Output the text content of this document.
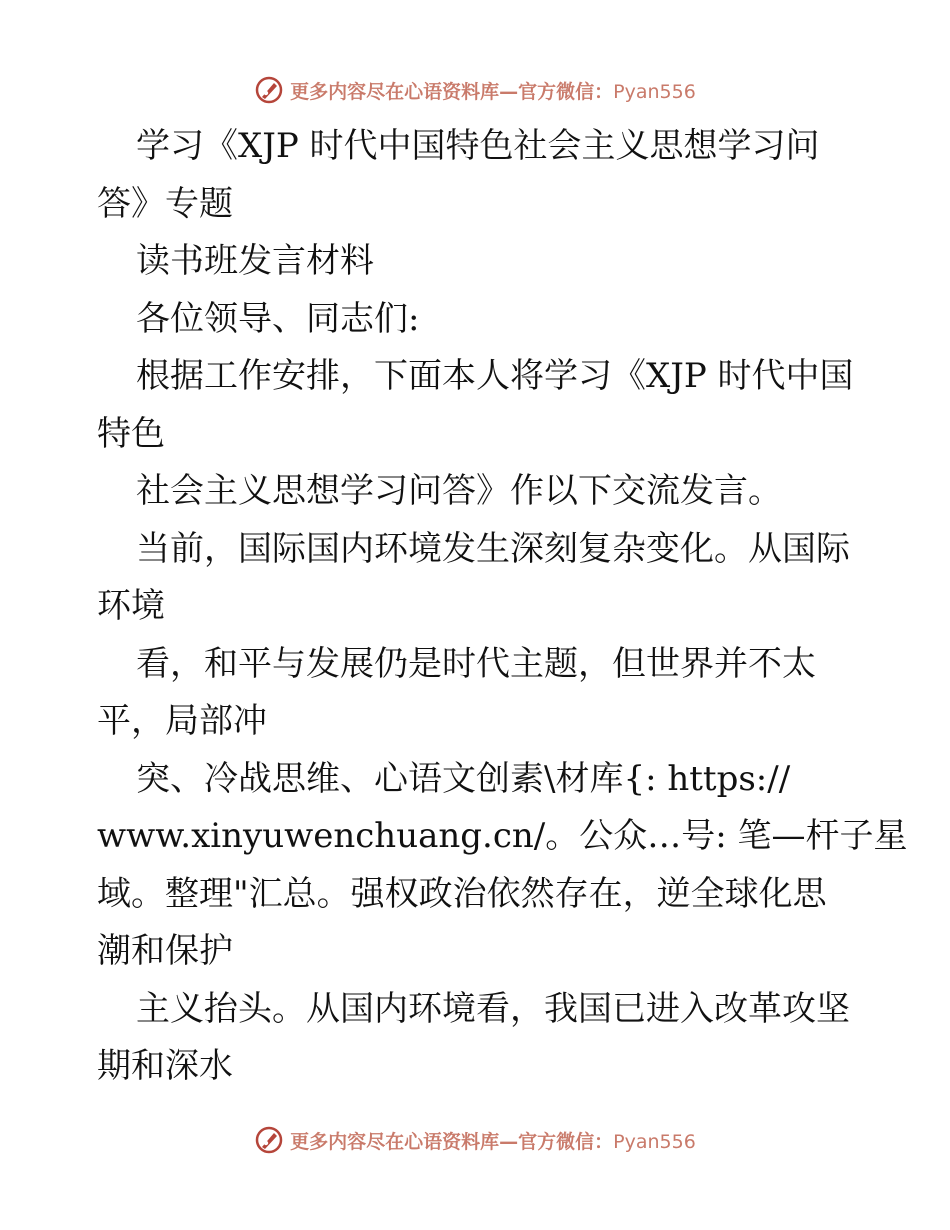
更多内容尽在心语资料库—官方微信：Pyan556
学习《XJP 时代中国特色社会主义思想学习问
答》专题
读书班发言材料
各位领导、同志们:
根据工作安排，下面本人将学习《XJP 时代中国
特色
社会主义思想学习问答》作以下交流发言。
当前，国际国内环境发生深刻复杂变化。从国际
环境
看，和平与发展仍是时代主题，但世界并不太
平，局部冲
突、冷战思维、心语文创素\材库{: https://
www.xinyuwenchuang.cn/。公众…号: 笔—杆子星
域。整理"汇总。强权政治依然存在，逆全球化思
潮和保护
主义抬头。从国内环境看，我国已进入改革攻坚
期和深水
更多内容尽在心语资料库—官方微信：Pyan556
